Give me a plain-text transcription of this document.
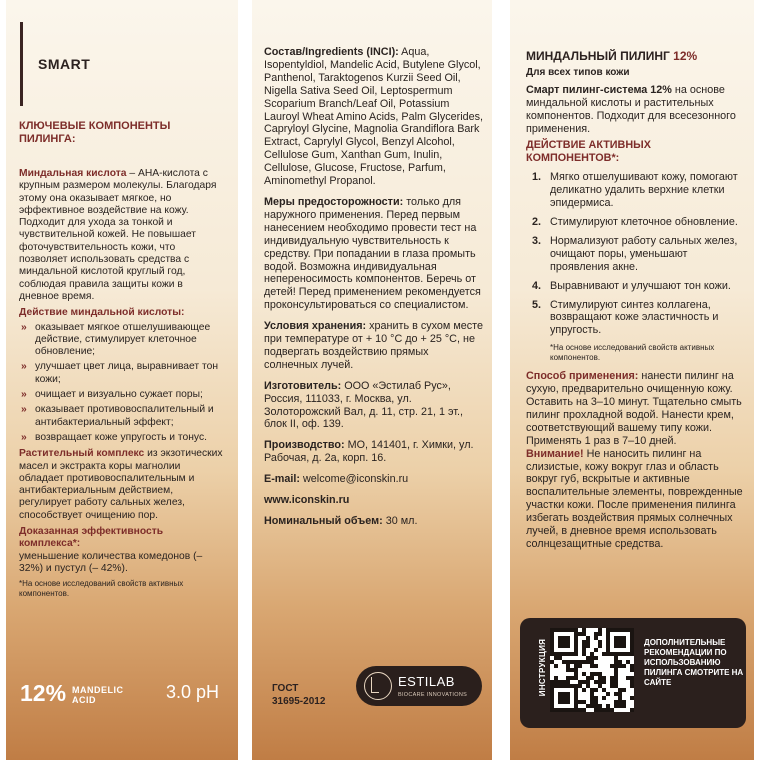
SMART
КЛЮЧЕВЫЕ КОМПОНЕНТЫ ПИЛИНГА:
Миндальная кислота – АНА-кислота с крупным размером молекулы. Благодаря этому она оказывает мягкое, но эффективное воздействие на кожу. Подходит для ухода за тонкой и чувствительной кожей. Не повышает фоточувствительность кожи, что позволяет использовать средства с миндальной кислотой круглый год, соблюдая правила защиты кожи в дневное время.
Действие миндальной кислоты:
» оказывает мягкое отшелушивающее действие, стимулирует клеточное обновление;
» улучшает цвет лица, выравнивает тон кожи;
» очищает и визуально сужает поры;
» оказывает противовоспалительный и антибактериальный эффект;
» возвращает коже упругость и тонус.
Растительный комплекс из экзотических масел и экстракта коры магнолии обладает противовоспалительным и антибактериальным действием, регулирует работу сальных желез, способствует очищению пор.
Доказанная эффективность комплекса*:
уменьшение количества комедонов (–32%) и пустул (– 42%).
*На основе исследований свойств активных компонентов.
12% MANDELIC ACID	3.0 pH

Состав/Ingredients (INCI): Aqua, Isopentyldiol, Mandelic Acid, Butylene Glycol, Panthenol, Taraktogenos Kurzii Seed Oil, Nigella Sativa Seed Oil, Leptospermum Scoparium Branch/Leaf Oil, Potassium Lauroyl Wheat Amino Acids, Palm Glycerides, Capryloyl Glycine, Magnolia Grandiflora Bark Extract, Caprylyl Glycol, Benzyl Alcohol, Cellulose Gum, Xanthan Gum, Inulin, Cellulose, Glucose, Fructose, Parfum, Aminomethyl Propanol.

Меры предосторожности: только для наружного применения. Перед первым нанесением необходимо провести тест на индивидуальную чувствительность к средству. При попадании в глаза промыть водой. Возможна индивидуальная непереносимость компонентов. Беречь от детей! Перед применением рекомендуется проконсультироваться со специалистом.

Условия хранения: хранить в сухом месте при температуре от + 10 °C до + 25 °C, не подвергать воздействию прямых солнечных лучей.

Изготовитель: ООО «Эстилаб Рус», Россия, 111033, г. Москва, ул. Золоторожский Вал, д. 11, стр. 21, 1 эт., блок II, оф. 139.

Производство: МО, 141401, г. Химки, ул. Рабочая, д. 2а, корп. 16.

E-mail: welcome@iconskin.ru

www.iconskin.ru

Номинальный объем: 30 мл.

ГОСТ
31695-2012
ESTILAB
BIOCARE INNOVATIONS
МИНДАЛЬНЫЙ ПИЛИНГ 12%
Для всех типов кожи

Смарт пилинг-система 12% на основе миндальной кислоты и растительных компонентов. Подходит для всесезонного применения.

ДЕЙСТВИЕ АКТИВНЫХ КОМПОНЕНТОВ*:
1. Мягко отшелушивают кожу, помогают деликатно удалить верхние клетки эпидермиса.
2. Стимулируют клеточное обновление.
3. Нормализуют работу сальных желез, очищают поры, уменьшают проявления акне.
4. Выравнивают и улучшают тон кожи.
5. Стимулируют синтез коллагена, возвращают коже эластичность и упругость.
*На основе исследований свойств активных компонентов.

Способ применения: нанести пилинг на сухую, предварительно очищенную кожу. Оставить на 3–10 минут. Тщательно смыть пилинг прохладной водой. Нанести крем, соответствующий вашему типу кожи. Применять 1 раз в 7–10 дней.

Внимание! Не наносить пилинг на слизистые, кожу вокруг глаз и область вокруг губ, вскрытые и активные воспалительные элементы, поврежденные участки кожи. После применения пилинга избегать воздействия прямых солнечных лучей, в дневное время использовать солнцезащитные средства.

ИНСТРУКЦИЯ	ДОПОЛНИТЕЛЬНЫЕ РЕКОМЕНДАЦИИ ПО ИСПОЛЬЗОВАНИЮ ПИЛИНГА СМОТРИТЕ НА САЙТЕ
